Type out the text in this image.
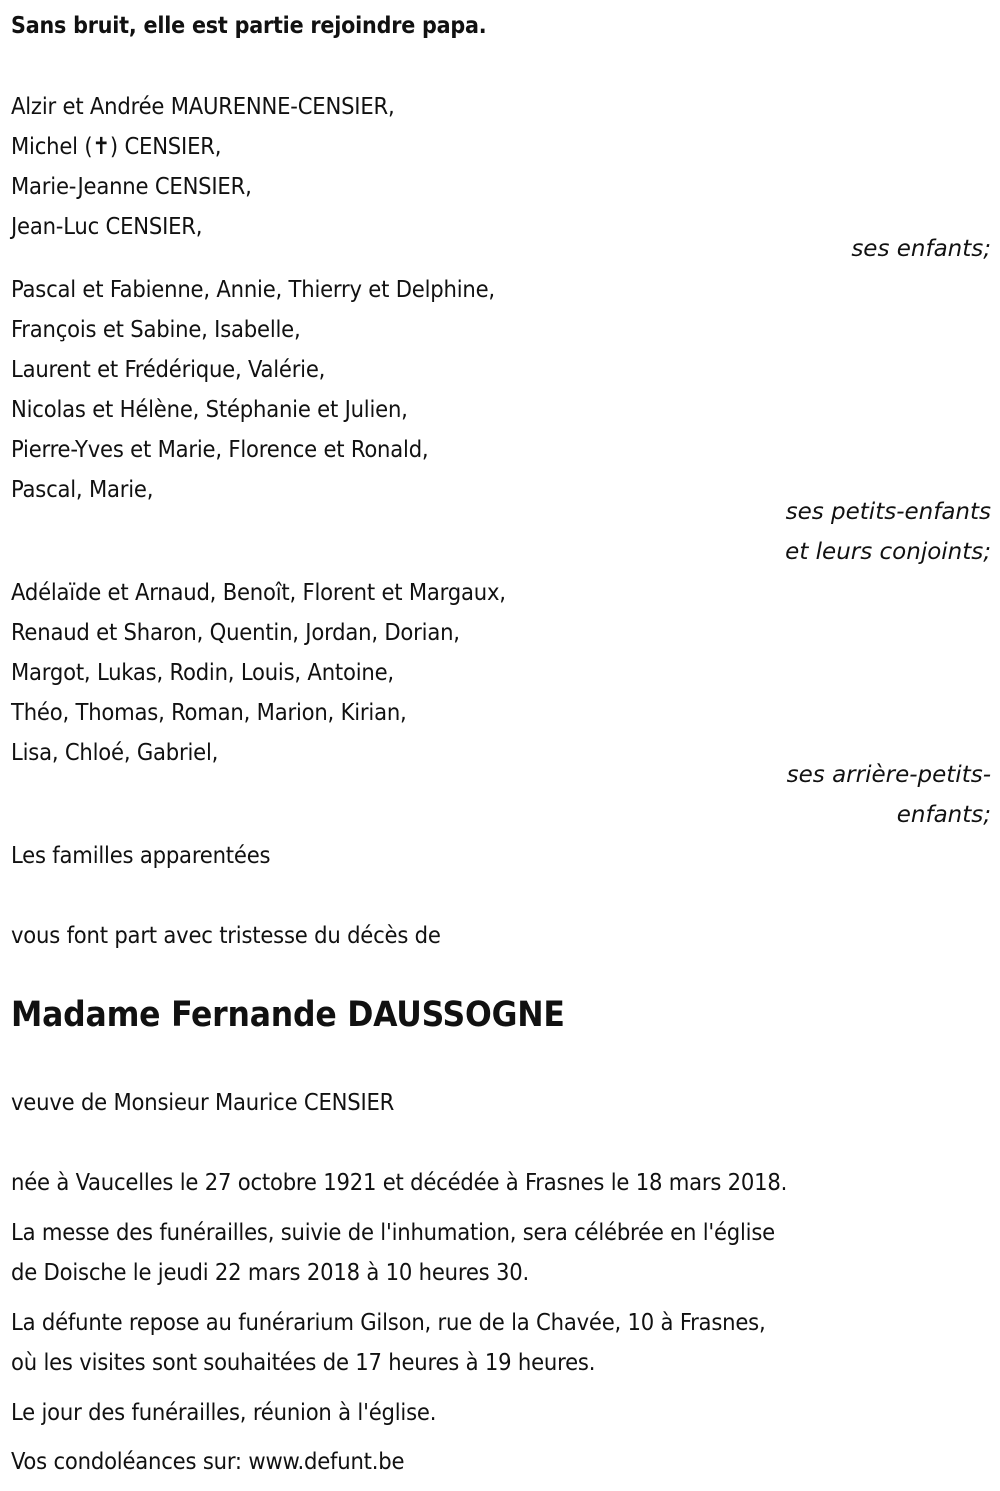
Sans bruit, elle est partie rejoindre papa.
Alzir et Andrée MAURENNE-CENSIER,
Michel (✝) CENSIER,
Marie-Jeanne CENSIER,
Jean-Luc CENSIER,
ses enfants;
Pascal et Fabienne, Annie, Thierry et Delphine,
François et Sabine, Isabelle,
Laurent et Frédérique, Valérie,
Nicolas et Hélène, Stéphanie et Julien,
Pierre-Yves et Marie, Florence et Ronald,
Pascal, Marie,
ses petits-enfants
et leurs conjoints;
Adélaïde et Arnaud, Benoît, Florent et Margaux,
Renaud et Sharon, Quentin, Jordan, Dorian,
Margot, Lukas, Rodin, Louis, Antoine,
Théo, Thomas, Roman, Marion, Kirian,
Lisa, Chloé, Gabriel,
ses arrière-petits-
enfants;
Les familles apparentées
vous font part avec tristesse du décès de
Madame Fernande DAUSSOGNE
veuve de Monsieur Maurice CENSIER
née à Vaucelles le 27 octobre 1921 et décédée à Frasnes le 18 mars 2018.
La messe des funérailles, suivie de l'inhumation, sera célébrée en l'église
de Doische le jeudi 22 mars 2018 à 10 heures 30.
La défunte repose au funérarium Gilson, rue de la Chavée, 10 à Frasnes,
où les visites sont souhaitées de 17 heures à 19 heures.
Le jour des funérailles, réunion à l'église.
Vos condoléances sur: www.defunt.be
